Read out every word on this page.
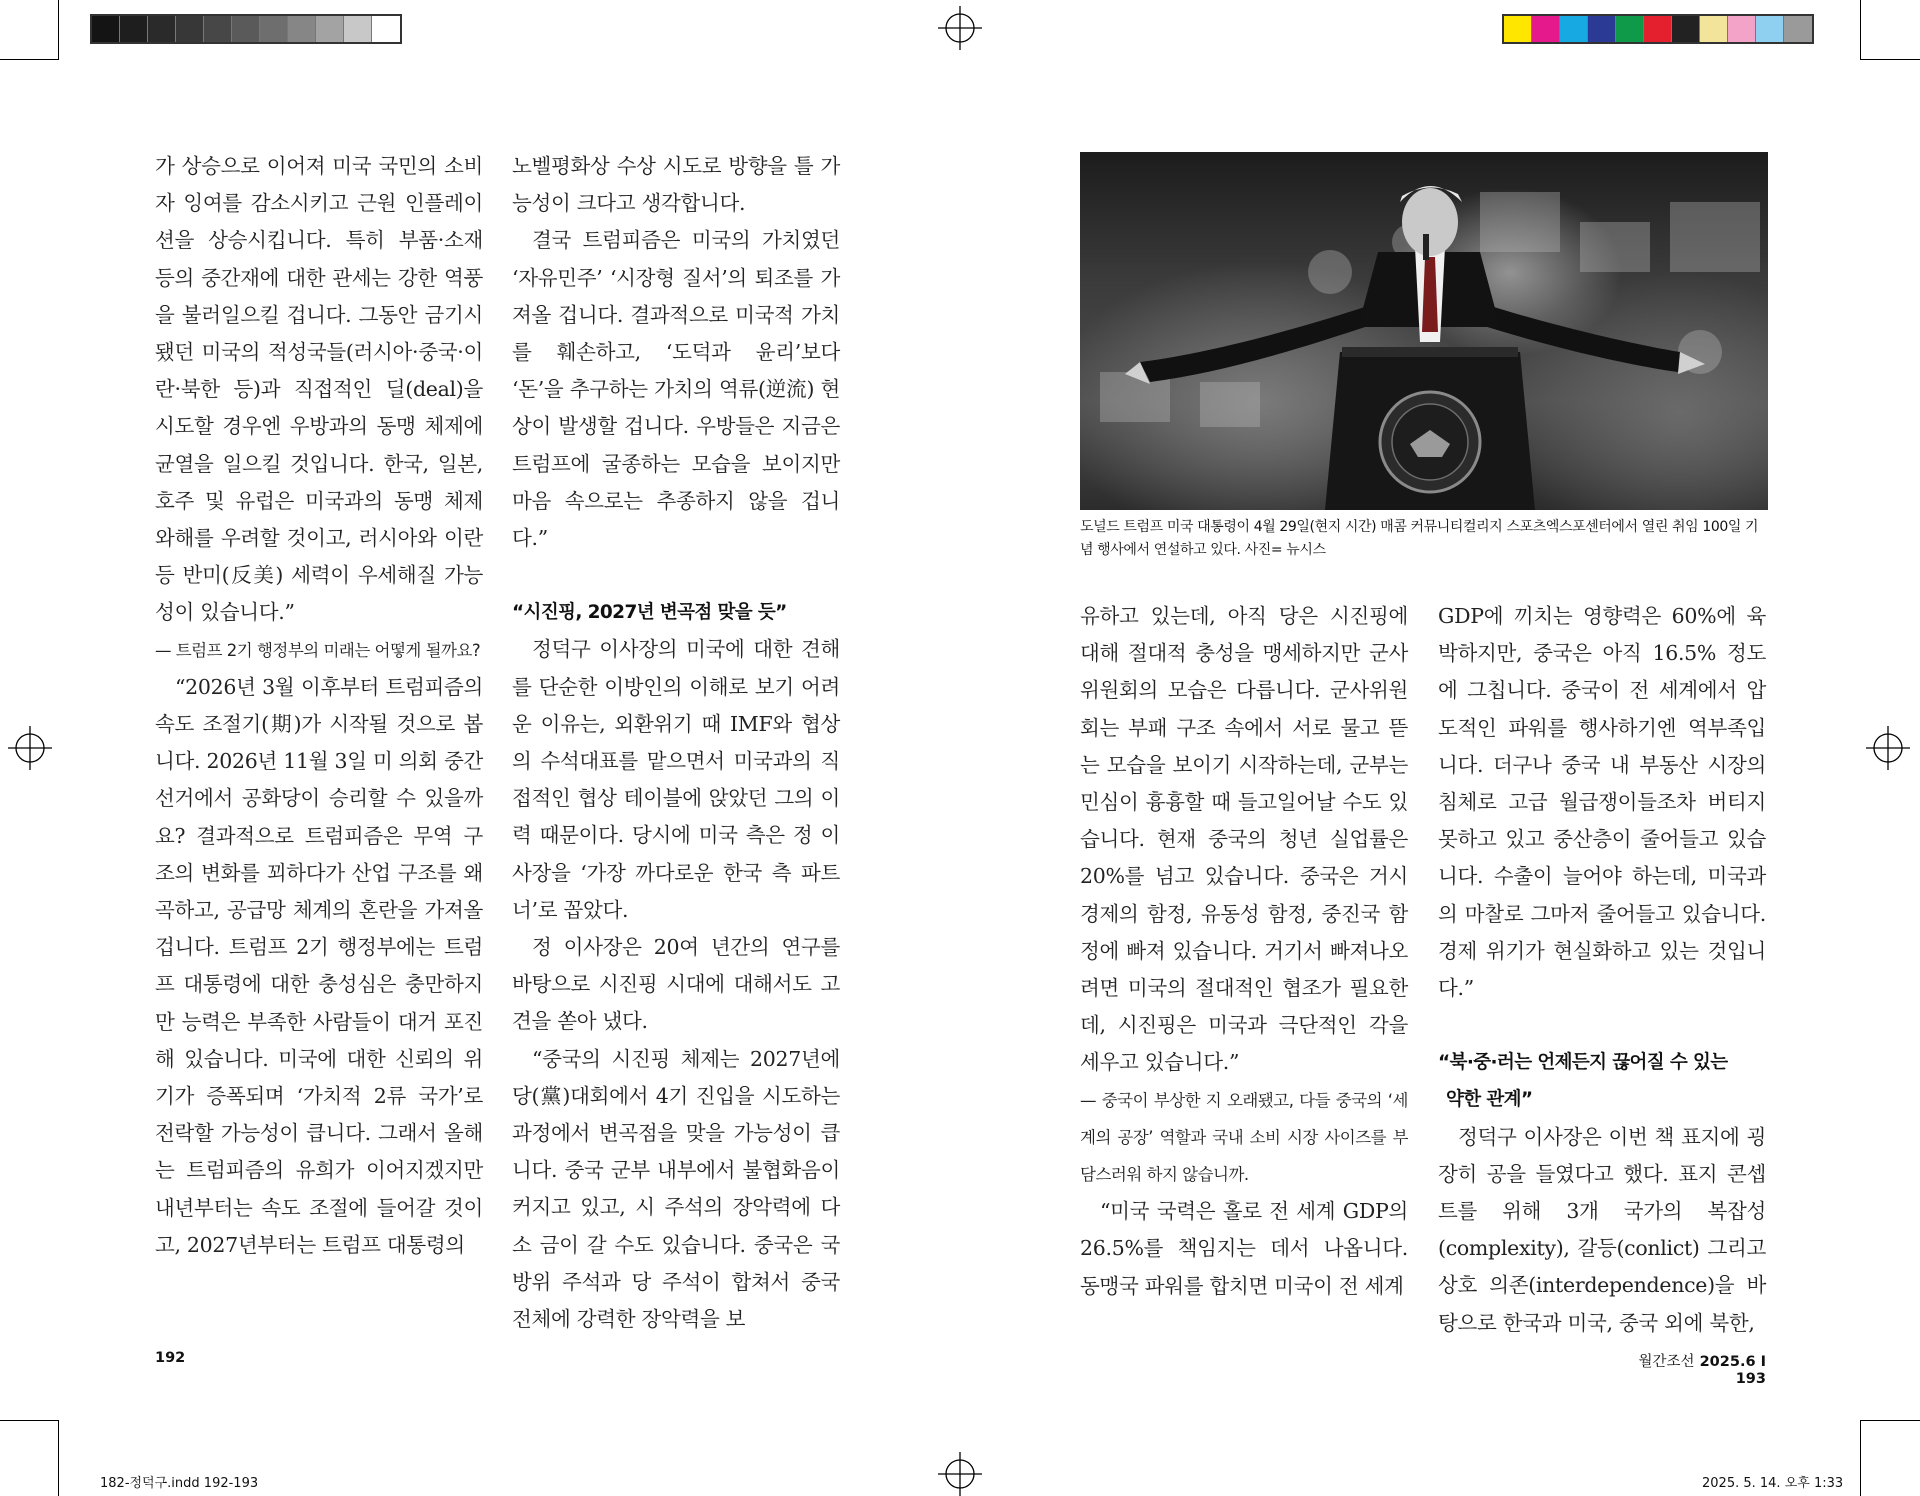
가 상승으로 이어져 미국 국민의 소비자 잉여를 감소시키고 근원 인플레이션을 상승시킵니다. 특히 부품·소재 등의 중간재에 대한 관세는 강한 역풍을 불러일으킬 겁니다. 그동안 금기시됐던 미국의 적성국들(러시아·중국·이란·북한 등)과 직접적인 딜(deal)을 시도할 경우엔 우방과의 동맹 체제에 균열을 일으킬 것입니다. 한국, 일본, 호주 및 유럽은 미국과의 동맹 체제 와해를 우려할 것이고, 러시아와 이란 등 반미(反美) 세력이 우세해질 가능성이 있습니다.”

— 트럼프 2기 행정부의 미래는 어떻게 될까요?

“2026년 3월 이후부터 트럼피즘의 속도 조절기(期)가 시작될 것으로 봅니다. 2026년 11월 3일 미 의회 중간선거에서 공화당이 승리할 수 있을까요? 결과적으로 트럼피즘은 무역 구조의 변화를 꾀하다가 산업 구조를 왜곡하고, 공급망 체계의 혼란을 가져올 겁니다. 트럼프 2기 행정부에는 트럼프 대통령에 대한 충성심은 충만하지만 능력은 부족한 사람들이 대거 포진해 있습니다. 미국에 대한 신뢰의 위기가 증폭되며 ‘가치적 2류 국가’로 전락할 가능성이 큽니다. 그래서 올해는 트럼피즘의 유희가 이어지겠지만 내년부터는 속도 조절에 들어갈 것이고, 2027년부터는 트럼프 대통령의

노벨평화상 수상 시도로 방향을 틀 가능성이 크다고 생각합니다.

결국 트럼피즘은 미국의 가치였던 ‘자유민주’ ‘시장형 질서’의 퇴조를 가져올 겁니다. 결과적으로 미국적 가치를 훼손하고, ‘도덕과 윤리’보다 ‘돈’을 추구하는 가치의 역류(逆流) 현상이 발생할 겁니다. 우방들은 지금은 트럼프에 굴종하는 모습을 보이지만 마음 속으로는 추종하지 않을 겁니다.”

“시진핑, 2027년 변곡점 맞을 듯”

정덕구 이사장의 미국에 대한 견해를 단순한 이방인의 이해로 보기 어려운 이유는, 외환위기 때 IMF와 협상의 수석대표를 맡으면서 미국과의 직접적인 협상 테이블에 앉았던 그의 이력 때문이다. 당시에 미국 측은 정 이사장을 ‘가장 까다로운 한국 측 파트너’로 꼽았다.

정 이사장은 20여 년간의 연구를 바탕으로 시진핑 시대에 대해서도 고견을 쏟아 냈다.

“중국의 시진핑 체제는 2027년에 당(黨)대회에서 4기 진입을 시도하는 과정에서 변곡점을 맞을 가능성이 큽니다. 중국 군부 내부에서 불협화음이 커지고 있고, 시 주석의 장악력에 다소 금이 갈 수도 있습니다. 중국은 국방위 주석과 당 주석이 합쳐서 중국 전체에 강력한 장악력을 보

192
도널드 트럼프 미국 대통령이 4월 29일(현지 시간) 매콤 커뮤니티컬리지 스포츠엑스포센터에서 열린 취임 100일 기념 행사에서 연설하고 있다. 사진= 뉴시스

유하고 있는데, 아직 당은 시진핑에 대해 절대적 충성을 맹세하지만 군사위원회의 모습은 다릅니다. 군사위원회는 부패 구조 속에서 서로 물고 뜯는 모습을 보이기 시작하는데, 군부는 민심이 흉흉할 때 들고일어날 수도 있습니다. 현재 중국의 청년 실업률은 20%를 넘고 있습니다. 중국은 거시경제의 함정, 유동성 함정, 중진국 함정에 빠져 있습니다. 거기서 빠져나오려면 미국의 절대적인 협조가 필요한데, 시진핑은 미국과 극단적인 각을 세우고 있습니다.”

— 중국이 부상한 지 오래됐고, 다들 중국의 ‘세계의 공장’ 역할과 국내 소비 시장 사이즈를 부담스러워 하지 않습니까.

“미국 국력은 홀로 전 세계 GDP의 26.5%를 책임지는 데서 나옵니다. 동맹국 파워를 합치면 미국이 전 세계

GDP에 끼치는 영향력은 60%에 육박하지만, 중국은 아직 16.5% 정도에 그칩니다. 중국이 전 세계에서 압도적인 파워를 행사하기엔 역부족입니다. 더구나 중국 내 부동산 시장의 침체로 고급 월급쟁이들조차 버티지 못하고 있고 중산층이 줄어들고 있습니다. 수출이 늘어야 하는데, 미국과의 마찰로 그마저 줄어들고 있습니다. 경제 위기가 현실화하고 있는 것입니다.”

“북·중·러는 언제든지 끊어질 수 있는
약한 관계”

정덕구 이사장은 이번 책 표지에 굉장히 공을 들였다고 했다. 표지 콘셉트를 위해 3개 국가의 복잡성(complexity), 갈등(conlict) 그리고 상호 의존(interdependence)을 바탕으로 한국과 미국, 중국 외에 북한,

월간조선 2025.6 I 193
182-정덕구.indd 192-193	2025. 5. 14. 오후 1:33
